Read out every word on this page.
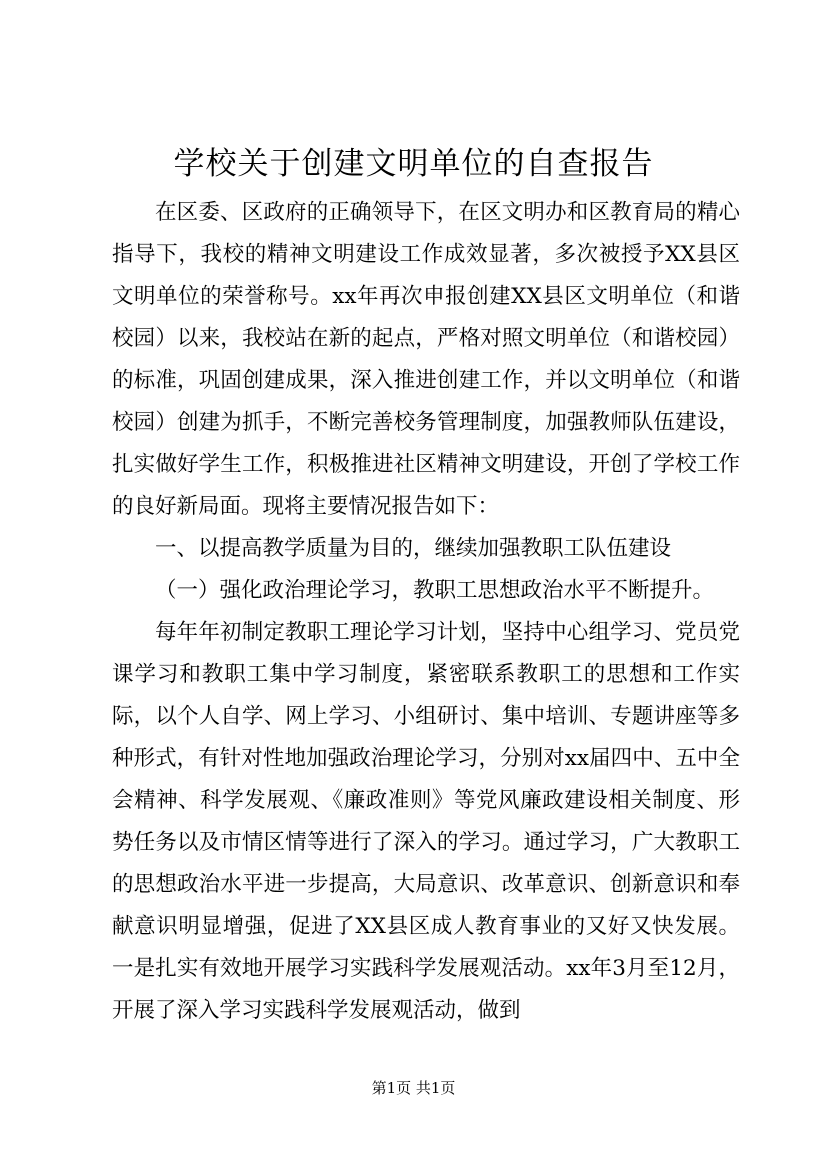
学校关于创建文明单位的自查报告

在区委、区政府的正确领导下，在区文明办和区教育局的精心指导下，我校的精神文明建设工作成效显著，多次被授予XX县区文明单位的荣誉称号。xx年再次申报创建XX县区文明单位（和谐校园）以来，我校站在新的起点，严格对照文明单位（和谐校园）的标准，巩固创建成果，深入推进创建工作，并以文明单位（和谐校园）创建为抓手，不断完善校务管理制度，加强教师队伍建设，扎实做好学生工作，积极推进社区精神文明建设，开创了学校工作的良好新局面。现将主要情况报告如下：

一、以提高教学质量为目的，继续加强教职工队伍建设

（一）强化政治理论学习，教职工思想政治水平不断提升。

每年年初制定教职工理论学习计划，坚持中心组学习、党员党课学习和教职工集中学习制度，紧密联系教职工的思想和工作实际，以个人自学、网上学习、小组研讨、集中培训、专题讲座等多种形式，有针对性地加强政治理论学习，分别对xx届四中、五中全会精神、科学发展观、《廉政准则》等党风廉政建设相关制度、形势任务以及市情区情等进行了深入的学习。通过学习，广大教职工的思想政治水平进一步提高，大局意识、改革意识、创新意识和奉献意识明显增强，促进了XX县区成人教育事业的又好又快发展。一是扎实有效地开展学习实践科学发展观活动。xx年3月至12月，开展了深入学习实践科学发展观活动，做到

第1页 共1页
